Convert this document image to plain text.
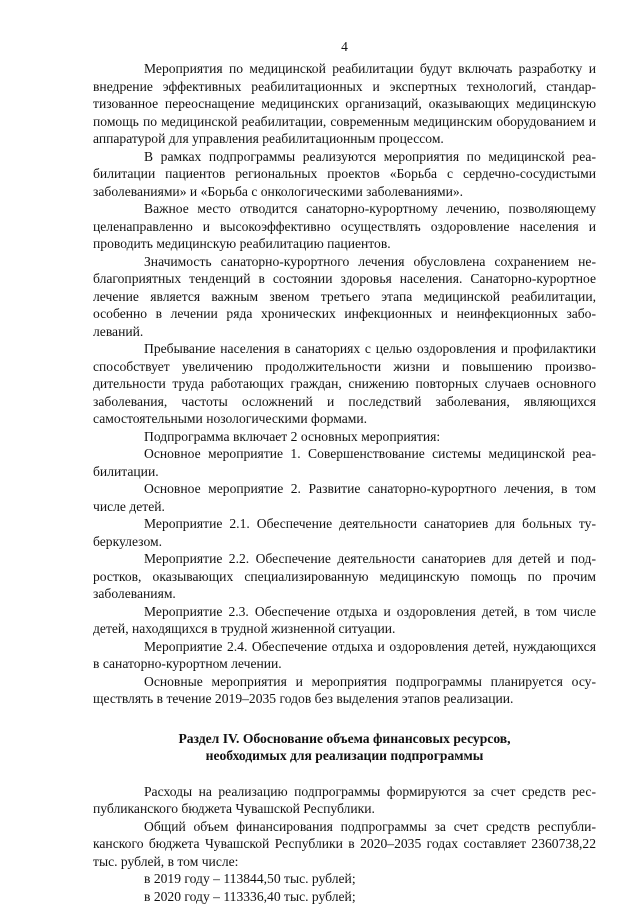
4

Мероприятия по медицинской реабилитации будут включать разработку и внедрение эффективных реабилитационных и экспертных технологий, стандартизованное переоснащение медицинских организаций, оказывающих медицинскую помощь по медицинской реабилитации, современным медицинским оборудованием и аппаратурой для управления реабилитационным процессом.

В рамках подпрограммы реализуются мероприятия по медицинской реабилитации пациентов региональных проектов «Борьба с сердечно-сосудистыми заболеваниями» и «Борьба с онкологическими заболеваниями».

Важное место отводится санаторно-курортному лечению, позволяющему целенаправленно и высокоэффективно осуществлять оздоровление населения и проводить медицинскую реабилитацию пациентов.

Значимость санаторно-курортного лечения обусловлена сохранением неблагоприятных тенденций в состоянии здоровья населения. Санаторно-курортное лечение является важным звеном третьего этапа медицинской реабилитации, особенно в лечении ряда хронических инфекционных и неинфекционных заболеваний.

Пребывание населения в санаториях с целью оздоровления и профилактики способствует увеличению продолжительности жизни и повышению производительности труда работающих граждан, снижению повторных случаев основного заболевания, частоты осложнений и последствий заболевания, являющихся самостоятельными нозологическими формами.

Подпрограмма включает 2 основных мероприятия:

Основное мероприятие 1. Совершенствование системы медицинской реабилитации.

Основное мероприятие 2. Развитие санаторно-курортного лечения, в том числе детей.

Мероприятие 2.1. Обеспечение деятельности санаториев для больных туберкулезом.

Мероприятие 2.2. Обеспечение деятельности санаториев для детей и подростков, оказывающих специализированную медицинскую помощь по прочим заболеваниям.

Мероприятие 2.3. Обеспечение отдыха и оздоровления детей, в том числе детей, находящихся в трудной жизненной ситуации.

Мероприятие 2.4. Обеспечение отдыха и оздоровления детей, нуждающихся в санаторно-курортном лечении.

Основные мероприятия и мероприятия подпрограммы планируется осуществлять в течение 2019–2035 годов без выделения этапов реализации.

Раздел IV. Обоснование объема финансовых ресурсов,
необходимых для реализации подпрограммы

Расходы на реализацию подпрограммы формируются за счет средств республиканского бюджета Чувашской Республики.

Общий объем финансирования подпрограммы за счет средств республиканского бюджета Чувашской Республики в 2020–2035 годах составляет 2360738,22 тыс. рублей, в том числе:

в 2019 году – 113844,50 тыс. рублей;

в 2020 году – 113336,40 тыс. рублей;
